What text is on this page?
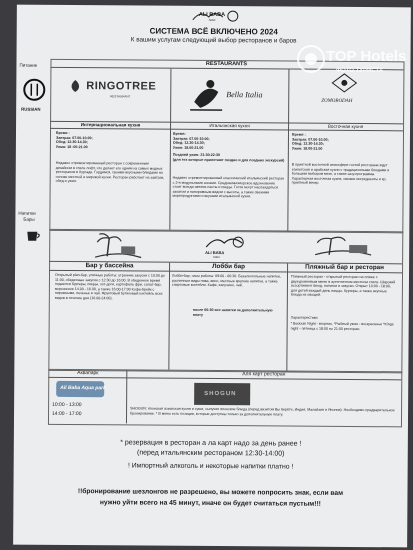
ALI BABA
hotel
СИСТЕМА ВСЁ ВКЛЮЧЕНО 2024
К вашим услугам следующий выбор ресторанов и баров
RESTAURANTS
Питание
RUSSIAN
RINGOTREE
RESTAURANT	Bella Italia
ZOMORODAH
Интернациональная кухня	Итальянская кухня	Восточная кухня
Время :
Завтрак: 07.00-10.00;
Обед: 12.30-14.30;
Ужин: 18 :00-21.00
Недавно отремонтированный ресторан с современным дизайном в стиле лофт, что делает его одним из самых модных ресторанов в Хургаде. Гордимся, своими вкусными блюдами на основе местной и мировой кухни. Ресторан работает на завтрак, обед и ужин.
Время:
Завтрак: 07.00-10.00;
Обед: 12.30-14.30;
Ужин: 18.00-21.00
Поздний ужин: 21:30-22:30
(для тех которые прилетают поздно и для поздних экскурсий)
Недавно отремонтированный классический итальянский ресторан с 2-я модульными зонами. Средиземноморское вдохновение стоит всегда свежих пасты и пиццы. Гости могут наслаждаться закатом и панорамным видом с высоты, а также свежими морепродуктами и вкусами итальянской кухни.
Время :
Завтрак: 07.00-10.00;
Обед: 12.30-14.30;
Ужин: 18.00-21.00
В приятной восточной атмосфере гостей ресторана ждут египетская и арабская кухни с традиционными блюдами и большим выбором мезе, а также шоу-программы. Характерная восточная кухня, свежие ингредиенты и кр. приятный вечер.
Напитки
Бары
ALI BABA
hotel
Бар у бассейна	Лобби бар	Пляжный бар и ресторан
Открытый plan-бар, уличные работы: утренние закуски с 10:00 до 11:00, обеденные закуски с 12:30 до 16:00. В обеденное время подаются бургеры, пиццы, хот-доги, картофель фри, салат-бар, мороженое 14.00 - 16.00, а также 16:00-17:00 Кофе-брейк с пирожными, печенье и чай. Фруктовый бутиковый коктейль всех видов в течение дня (10.00-24:00).
Лобби-бар, часы работы: 09:00 - 00:30. Безалкогольные напитки, различные виды пива, вино, местные крепкие напитки, а также спиртовые коктейли. Кафе, капучино, чай.
после 00:30 все напитки за дополнительную плату
Пляжный ресторан - открытый ресторан на пляже с двухуровневым меню в аутентичном местном стиле. Широкий ассортимент блюд, напитки и закуски. Открыт 10:00 - 18:00, для детей каждый день пиццы, бургеры, а также вкусные блюда из овощей.
Характеристики:
* Bedouin Night - вторник, *Рыбный ужин - воскресенье *Kings night - пятница с 18:00 по 21:00 ресторан.
Аквапарк	Аля карт ресторан
Ali Baba Aqua park
10:00 - 13:00
14:00 - 17:00
SHOGUN
SHOGUN: японская азиатская кухня и суши, сыпучие японские блюда (перед визитом Вы берёте, Индия, Малайзия и Япония). Необходимо предварительное бронирование. * В меню есть позиции, которые доступны только за дополнительную плату.
* резервация в ресторан а ла карт надо за день ранее !
(перед итальянским рестораном 12:30-14:00)
! Импортный алкоголь и некоторые напитки платно !
!!бронирование шезлонгов не разрешено, вы можете попросить знак, если вам
нужно уйти всего на 45 минут, иначе он будет считаться пустым!!!
TOP Hotels
ФОТО ТУРИСТА
